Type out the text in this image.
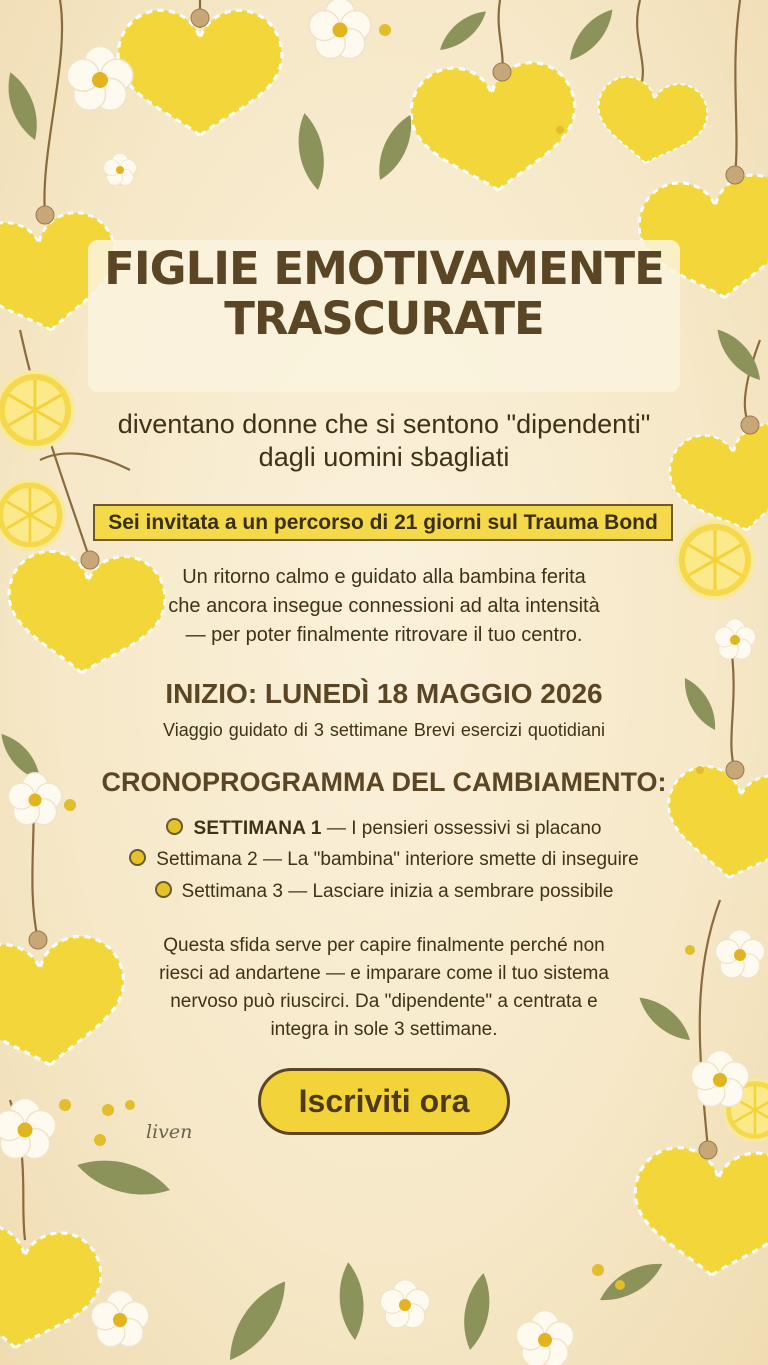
FIGLIE EMOTIVAMENTE
TRASCURATE
diventano donne che si sentono "dipendenti"
dagli uomini sbagliati
Sei invitata a un percorso di 21 giorni sul Trauma Bond
Un ritorno calmo e guidato alla bambina ferita
che ancora insegue connessioni ad alta intensità
— per poter finalmente ritrovare il tuo centro.
INIZIO: LUNEDÌ 18 MAGGIO 2026
Viaggio guidato di 3 settimane Brevi esercizi quotidiani
CRONOPROGRAMMA DEL CAMBIAMENTO:
SETTIMANA 1 — I pensieri ossessivi si placano
Settimana 2 — La "bambina" interiore smette di inseguire
Settimana 3 — Lasciare inizia a sembrare possibile
Questa sfida serve per capire finalmente perché non
riesci ad andartene — e imparare come il tuo sistema
nervoso può riuscirci. Da "dipendente" a centrata e
integra in sole 3 settimane.
Iscriviti ora
liven
